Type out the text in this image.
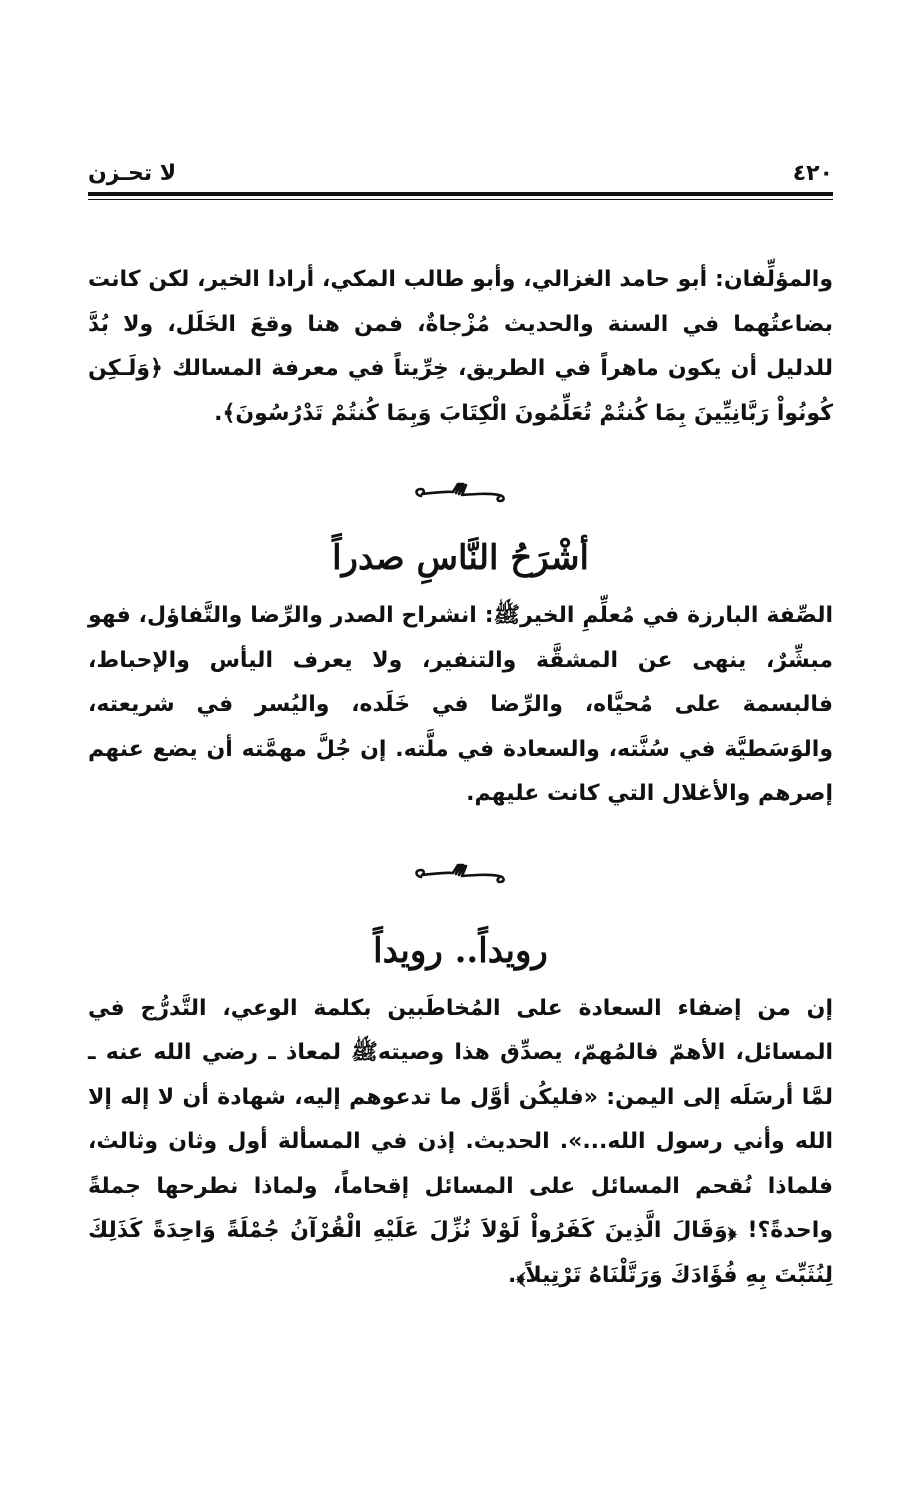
لا تحـزن	٤٢٠

والمؤلِّفان: أبو حامد الغزالي، وأبو طالب المكي، أرادا الخير، لكن كانت بضاعتُهما في السنة والحديث مُزْجاةٌ، فمن هنا وقعَ الخَلَل، ولا بُدَّ للدليل أن يكون ماهراً في الطريق، خِرِّيتاً في معرفة المسالك ﴿وَلَـكِن كُونُواْ رَبَّانِيِّينَ بِمَا كُنتُمْ تُعَلِّمُونَ الْكِتَابَ وَبِمَا كُنتُمْ تَدْرُسُونَ﴾.

أشْرَحُ النَّاسِ صدراً

الصِّفة البارزة في مُعلِّمِ الخيرﷺ: انشراح الصدر والرِّضا والتَّفاؤل، فهو مبشِّرٌ، ينهى عن المشقَّة والتنفير، ولا يعرف اليأس والإحباط، فالبسمة على مُحيَّاه، والرِّضا في خَلَده، واليُسر في شريعته، والوَسَطيَّة في سُنَّته، والسعادة في ملَّته. إن جُلَّ مهمَّته أن يضع عنهم إصرهم والأغلال التي كانت عليهم.

رويداً.. رويداً

إن من إضفاء السعادة على المُخاطَبين بكلمة الوعي، التَّدرُّج في المسائل، الأهمّ فالمُهمّ، يصدِّق هذا وصيتهﷺ لمعاذ ـ رضي الله عنه ـ لمَّا أرسَلَه إلى اليمن: «فليكُن أوَّل ما تدعوهم إليه، شهادة أن لا إله إلا الله وأني رسول الله...». الحديث. إذن في المسألة أول وثان وثالث، فلماذا نُقحم المسائل على المسائل إقحاماً، ولماذا نطرحها جملةً واحدةً؟! ﴿وَقَالَ الَّذِينَ كَفَرُواْ لَوْلاَ نُزِّلَ عَلَيْهِ الْقُرْآنُ جُمْلَةً وَاحِدَةً كَذَلِكَ لِنُثَبِّتَ بِهِ فُؤَادَكَ وَرَتَّلْنَاهُ تَرْتِيلاً﴾.
